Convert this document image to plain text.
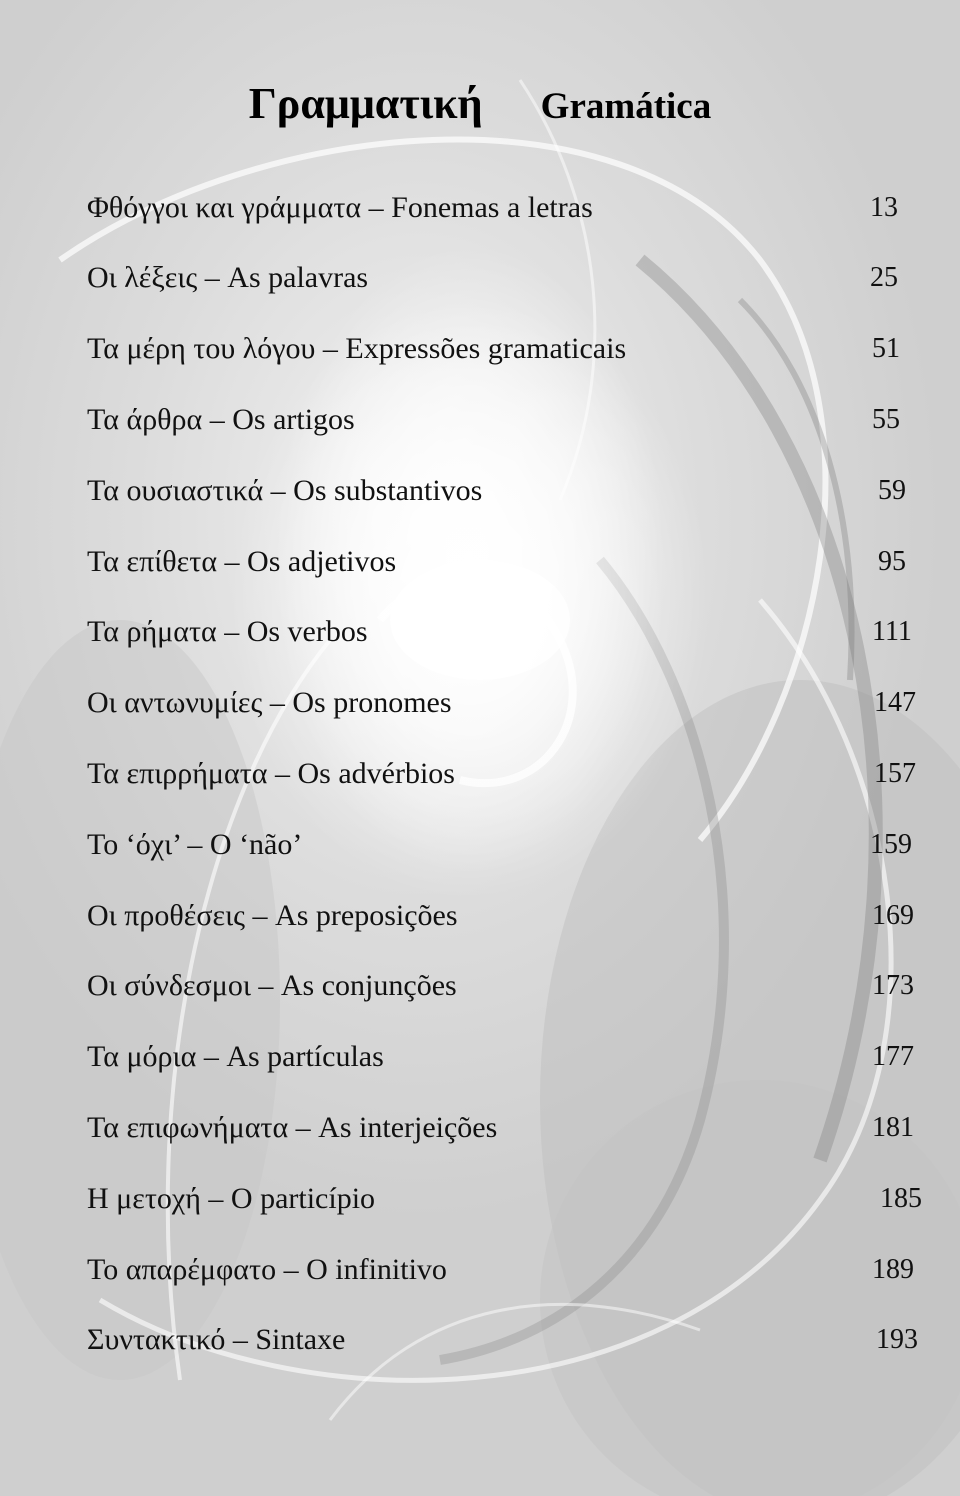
Γραμματική Gramática
Φθόγγοι και γράμματα – Fonemas a letras	13
Οι λέξεις – As palavras	25
Τα μέρη του λόγου – Expressões gramaticais	51
Τα άρθρα – Os artigos	55
Τα ουσιαστικά – Os substantivos	59
Τα επίθετα – Os adjetivos	95
Τα ρήματα – Os verbos	111
Οι αντωνυμίες – Os pronomes	147
Τα επιρρήματα – Os advérbios	157
Το ‘όχι’ – O ‘não’	159
Οι προθέσεις – As preposições	169
Οι σύνδεσμοι – As conjunções	173
Τα μόρια – As partículas	177
Τα επιφωνήματα – As interjeições	181
Η μετοχή – O particípio	185
Το απαρέμφατο – O infinitivo	189
Συντακτικό – Sintaxe	193
